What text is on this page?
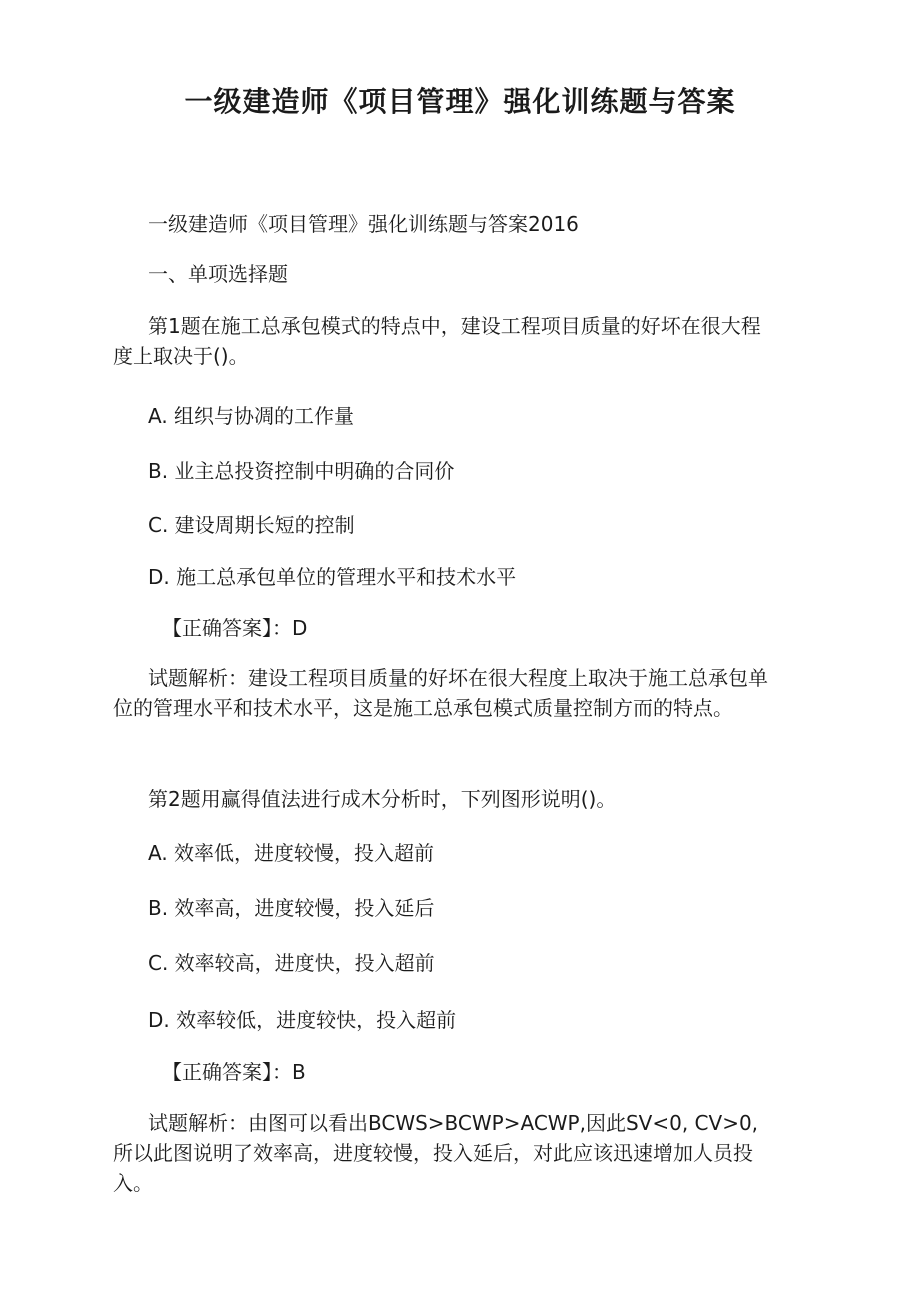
一级建造师《项目管理》强化训练题与答案
一级建造师《项目管理》强化训练题与答案2016
一、单项选择题
第1题在施工总承包模式的特点中，建设工程项目质量的好坏在很大程度上取决于()。
A. 组织与协凋的工作量
B. 业主总投资控制中明确的合同价
C. 建设周期长短的控制
D. 施工总承包单位的管理水平和技术水平
【正确答案】：D
试题解析：建设工程项目质量的好坏在很大程度上取决于施工总承包单位的管理水平和技术水平，这是施工总承包模式质量控制方而的特点。
第2题用赢得值法进行成木分析时，下列图形说明()。
A. 效率低，进度较慢，投入超前
B. 效率高，进度较慢，投入延后
C. 效率较高，进度快，投入超前
D. 效率较低，进度较快，投入超前
【正确答案】：B
试题解析：由图可以看出BCWS>BCWP>ACWP,因此SV<0, CV>0,所以此图说明了效率高，进度较慢，投入延后，对此应该迅速增加人员投入。
